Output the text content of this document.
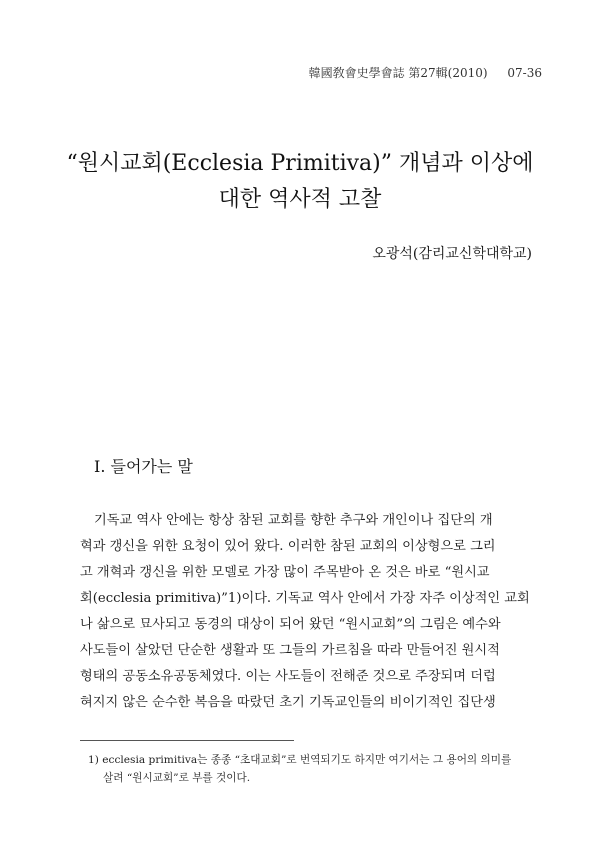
韓國敎會史學會誌 第27輯(2010) 07-36
“원시교회(Ecclesia Primitiva)” 개념과 이상에
대한 역사적 고찰
오광석(감리교신학대학교)
Ⅰ. 들어가는 말
기독교 역사 안에는 항상 참된 교회를 향한 추구와 개인이나 집단의 개
혁과 갱신을 위한 요청이 있어 왔다. 이러한 참된 교회의 이상형으로 그리
고 개혁과 갱신을 위한 모델로 가장 많이 주목받아 온 것은 바로 “원시교
회(ecclesia primitiva)”1)이다. 기독교 역사 안에서 가장 자주 이상적인 교회
나 삶으로 묘사되고 동경의 대상이 되어 왔던 “원시교회”의 그림은 예수와
사도들이 살았던 단순한 생활과 또 그들의 가르침을 따라 만들어진 원시적
형태의 공동소유공동체였다. 이는 사도들이 전해준 것으로 주장되며 더럽
혀지지 않은 순수한 복음을 따랐던 초기 기독교인들의 비이기적인 집단생
1) ecclesia primitiva는 종종 “초대교회”로 번역되기도 하지만 여기서는 그 용어의 의미를
살려 “원시교회”로 부를 것이다.
